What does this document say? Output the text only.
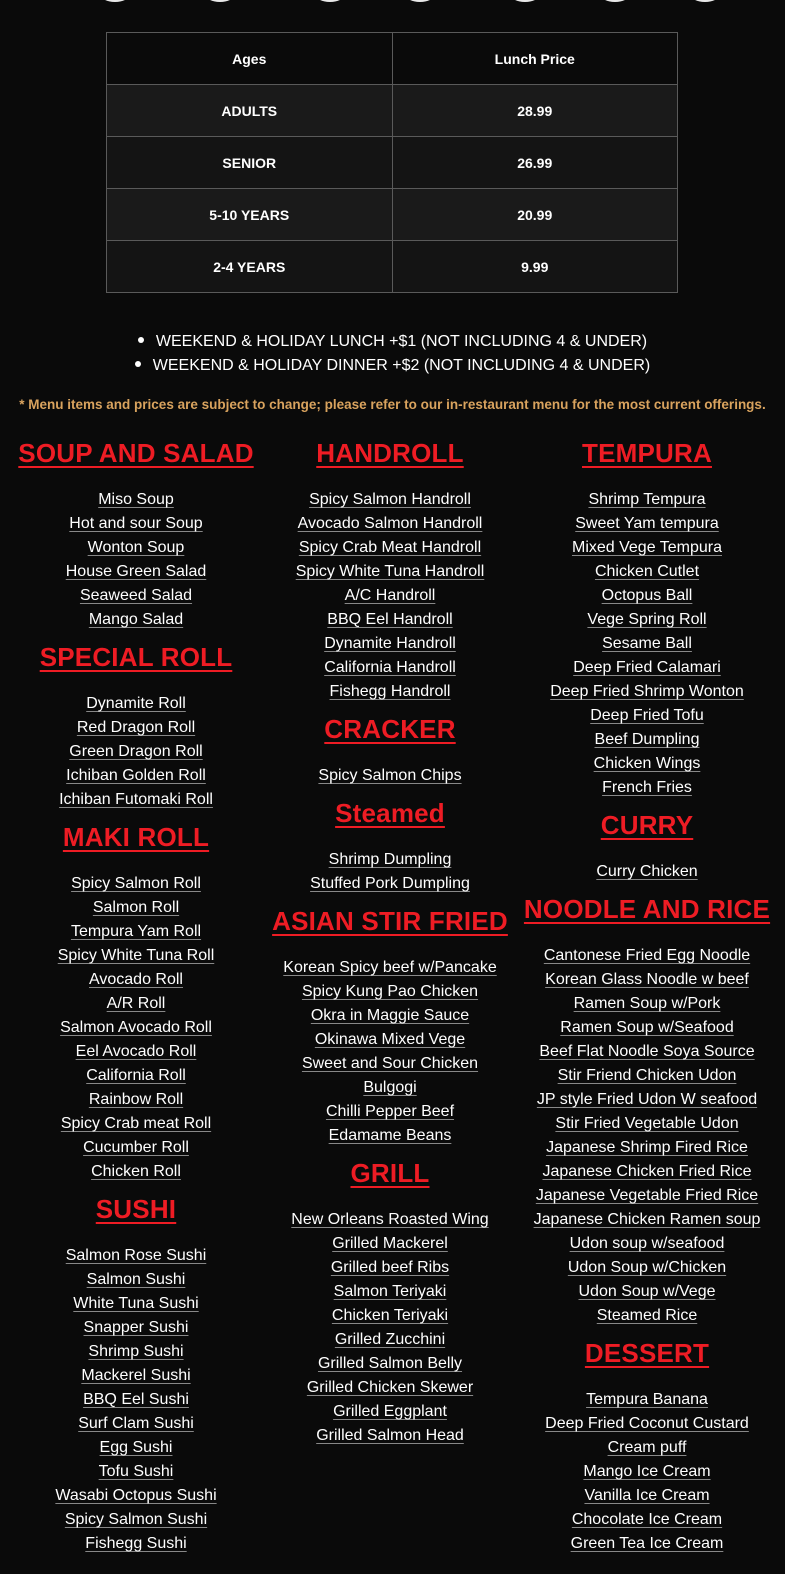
Ages	Lunch Price
ADULTS	28.99
SENIOR	26.99
5-10 YEARS	20.99
2-4 YEARS	9.99
WEEKEND & HOLIDAY LUNCH +$1 (NOT INCLUDING 4 & UNDER)
WEEKEND & HOLIDAY DINNER +$2 (NOT INCLUDING 4 & UNDER)
* Menu items and prices are subject to change; please refer to our in-restaurant menu for the most current offerings.
SOUP AND SALAD
Miso Soup
Hot and sour Soup
Wonton Soup
House Green Salad
Seaweed Salad
Mango Salad
SPECIAL ROLL
Dynamite Roll
Red Dragon Roll
Green Dragon Roll
Ichiban Golden Roll
Ichiban Futomaki Roll
MAKI ROLL
Spicy Salmon Roll
Salmon Roll
Tempura Yam Roll
Spicy White Tuna Roll
Avocado Roll
A/R Roll
Salmon Avocado Roll
Eel Avocado Roll
California Roll
Rainbow Roll
Spicy Crab meat Roll
Cucumber Roll
Chicken Roll
SUSHI
Salmon Rose Sushi
Salmon Sushi
White Tuna Sushi
Snapper Sushi
Shrimp Sushi
Mackerel Sushi
BBQ Eel Sushi
Surf Clam Sushi
Egg Sushi
Tofu Sushi
Wasabi Octopus Sushi
Spicy Salmon Sushi
Fishegg Sushi
HANDROLL
Spicy Salmon Handroll
Avocado Salmon Handroll
Spicy Crab Meat Handroll
Spicy White Tuna Handroll
A/C Handroll
BBQ Eel Handroll
Dynamite Handroll
California Handroll
Fishegg Handroll
CRACKER
Spicy Salmon Chips
Steamed
Shrimp Dumpling
Stuffed Pork Dumpling
ASIAN STIR FRIED
Korean Spicy beef w/Pancake
Spicy Kung Pao Chicken
Okra in Maggie Sauce
Okinawa Mixed Vege
Sweet and Sour Chicken
Bulgogi
Chilli Pepper Beef
Edamame Beans
GRILL
New Orleans Roasted Wing
Grilled Mackerel
Grilled beef Ribs
Salmon Teriyaki
Chicken Teriyaki
Grilled Zucchini
Grilled Salmon Belly
Grilled Chicken Skewer
Grilled Eggplant
Grilled Salmon Head
TEMPURA
Shrimp Tempura
Sweet Yam tempura
Mixed Vege Tempura
Chicken Cutlet
Octopus Ball
Vege Spring Roll
Sesame Ball
Deep Fried Calamari
Deep Fried Shrimp Wonton
Deep Fried Tofu
Beef Dumpling
Chicken Wings
French Fries
CURRY
Curry Chicken
NOODLE AND RICE
Cantonese Fried Egg Noodle
Korean Glass Noodle w beef
Ramen Soup w/Pork
Ramen Soup w/Seafood
Beef Flat Noodle Soya Source
Stir Friend Chicken Udon
JP style Fried Udon W seafood
Stir Fried Vegetable Udon
Japanese Shrimp Fired Rice
Japanese Chicken Fried Rice
Japanese Vegetable Fried Rice
Japanese Chicken Ramen soup
Udon soup w/seafood
Udon Soup w/Chicken
Udon Soup w/Vege
Steamed Rice
DESSERT
Tempura Banana
Deep Fried Coconut Custard
Cream puff
Mango Ice Cream
Vanilla Ice Cream
Chocolate Ice Cream
Green Tea Ice Cream
